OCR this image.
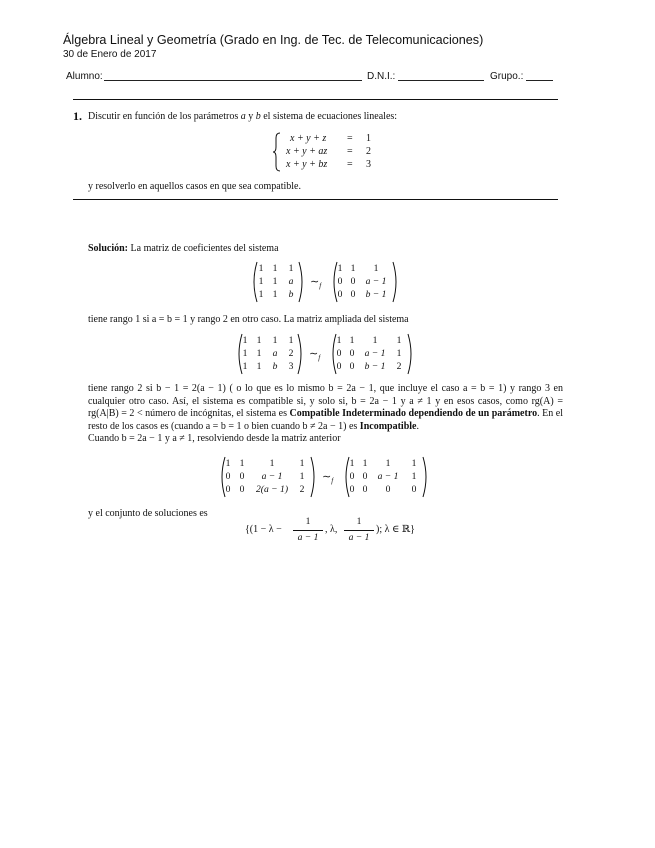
Álgebra Lineal y Geometría (Grado en Ing. de Tec. de Telecomunicaciones)
30 de Enero de 2017
Alumno:	D.N.I.:	Grupo.:
1. Discutir en función de los parámetros a y b el sistema de ecuaciones lineales:
x + y + z = 1
x + y + az = 2
x + y + bz = 3
y resolverlo en aquellos casos en que sea compatible.
Solución: La matriz de coeficientes del sistema
1 1	1
1 1	a
1 1	b
$\sim_f$
1 1	1
0 0	a − 1
0 0	b − 1
tiene rango 1 si a = b = 1 y rango 2 en otro caso. La matriz ampliada del sistema
1 1	1	1
1 1	a	2
1 1	b	3
$\sim_f$
1 1	1	1
0 0	a − 1	1
0 0	b − 1	2
tiene rango 2 si b − 1 = 2(a − 1) ( o lo que es lo mismo b = 2a − 1, que incluye el caso a = b = 1) y rango 3 en cualquier otro caso. Así, el sistema es compatible si, y solo si, b = 2a − 1 y a ≠ 1 y en esos casos, como rg(A) = rg(A|B) = 2 < número de incógnitas, el sistema es Compatible Indeterminado dependiendo de un parámetro. En el resto de los casos es (cuando a = b = 1 o bien cuando b ≠ 2a − 1) es Incompatible.
Cuando b = 2a − 1 y a ≠ 1, resolviendo desde la matriz anterior
1 1	1	1
0 0	a − 1	1
0 0	2(a − 1)	2
$\sim_f$
1 1	1	1
0 0	a − 1	1
0 0	0	0
y el conjunto de soluciones es
{(1 − λ −
1
a − 1
, λ,
1
a − 1
); λ ∈ ℝ}
